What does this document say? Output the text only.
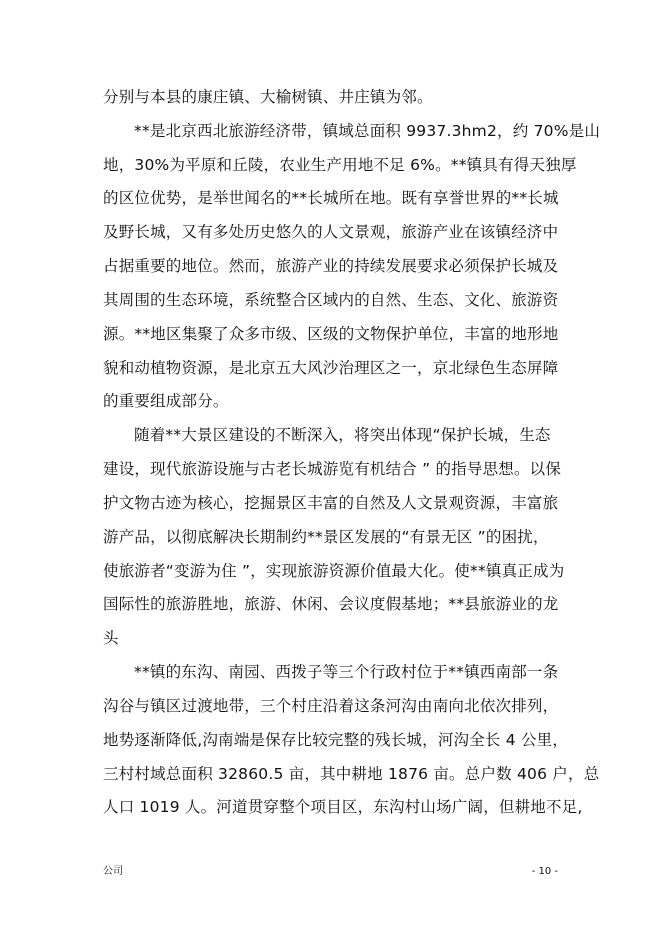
分别与本县的康庄镇、大榆树镇、井庄镇为邻。
**是北京西北旅游经济带，镇域总面积 9937.3hm2，约 70%是山
地，30%为平原和丘陵，农业生产用地不足 6%。**镇具有得天独厚
的区位优势，是举世闻名的**长城所在地。既有享誉世界的**长城
及野长城，又有多处历史悠久的人文景观，旅游产业在该镇经济中
占据重要的地位。然而，旅游产业的持续发展要求必须保护长城及
其周围的生态环境，系统整合区域内的自然、生态、文化、旅游资
源。**地区集聚了众多市级、区级的文物保护单位，丰富的地形地
貌和动植物资源，是北京五大风沙治理区之一，京北绿色生态屏障
的重要组成部分。
随着**大景区建设的不断深入，将突出体现“保护长城，生态
建设，现代旅游设施与古老长城游览有机结合 ” 的指导思想。以保
护文物古迹为核心，挖掘景区丰富的自然及人文景观资源，丰富旅
游产品，以彻底解决长期制约**景区发展的“有景无区 ”的困扰，
使旅游者“变游为住 ”，实现旅游资源价值最大化。使**镇真正成为
国际性的旅游胜地，旅游、休闲、会议度假基地；**县旅游业的龙
头
**镇的东沟、南园、西拨子等三个行政村位于**镇西南部一条
沟谷与镇区过渡地带，三个村庄沿着这条河沟由南向北依次排列，
地势逐渐降低,沟南端是保存比较完整的残长城，河沟全长 4 公里，
三村村域总面积 32860.5 亩，其中耕地 1876 亩。总户数 406 户，总
人口 1019 人。河道贯穿整个项目区，东沟村山场广阔，但耕地不足,
公司	- 10 -
